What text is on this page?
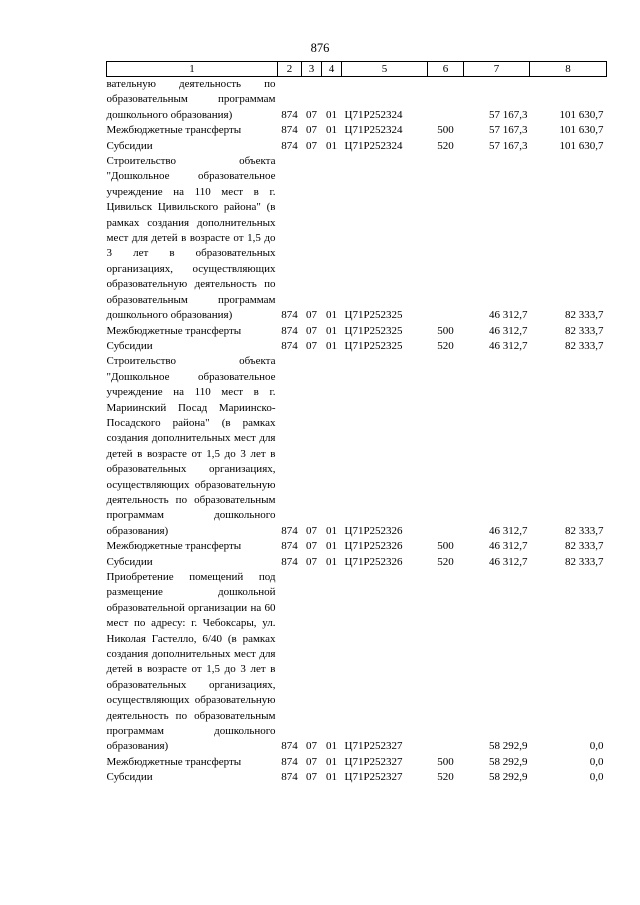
876
1	2	3	4	5	6	7	8
вательную деятельность по образовательным программам дошкольного образования)	874	07	01	Ц71P252324		57 167,3	101 630,7
Межбюджетные трансферты	874	07	01	Ц71P252324	500	57 167,3	101 630,7
Субсидии	874	07	01	Ц71P252324	520	57 167,3	101 630,7
Строительство объекта "Дошкольное образовательное учреждение на 110 мест в г. Цивильск Цивильского района" (в рамках создания дополнительных мест для детей в возрасте от 1,5 до 3 лет в образовательных организациях, осуществляющих образовательную деятельность по образовательным программам дошкольного образования)	874	07	01	Ц71P252325		46 312,7	82 333,7
Межбюджетные трансферты	874	07	01	Ц71P252325	500	46 312,7	82 333,7
Субсидии	874	07	01	Ц71P252325	520	46 312,7	82 333,7
Строительство объекта "Дошкольное образовательное учреждение на 110 мест в г. Мариинский Посад Мариинско-Посадского района" (в рамках создания дополнительных мест для детей в возрасте от 1,5 до 3 лет в образовательных организациях, осуществляющих образовательную деятельность по образовательным программам дошкольного образования)	874	07	01	Ц71P252326		46 312,7	82 333,7
Межбюджетные трансферты	874	07	01	Ц71P252326	500	46 312,7	82 333,7
Субсидии	874	07	01	Ц71P252326	520	46 312,7	82 333,7
Приобретение помещений под размещение дошкольной образовательной организации на 60 мест по адресу: г. Чебоксары, ул. Николая Гастелло, 6/40 (в рамках создания дополнительных мест для детей в возрасте от 1,5 до 3 лет в образовательных организациях, осуществляющих образовательную деятельность по образовательным программам дошкольного образования)	874	07	01	Ц71P252327		58 292,9	0,0
Межбюджетные трансферты	874	07	01	Ц71P252327	500	58 292,9	0,0
Субсидии	874	07	01	Ц71P252327	520	58 292,9	0,0
